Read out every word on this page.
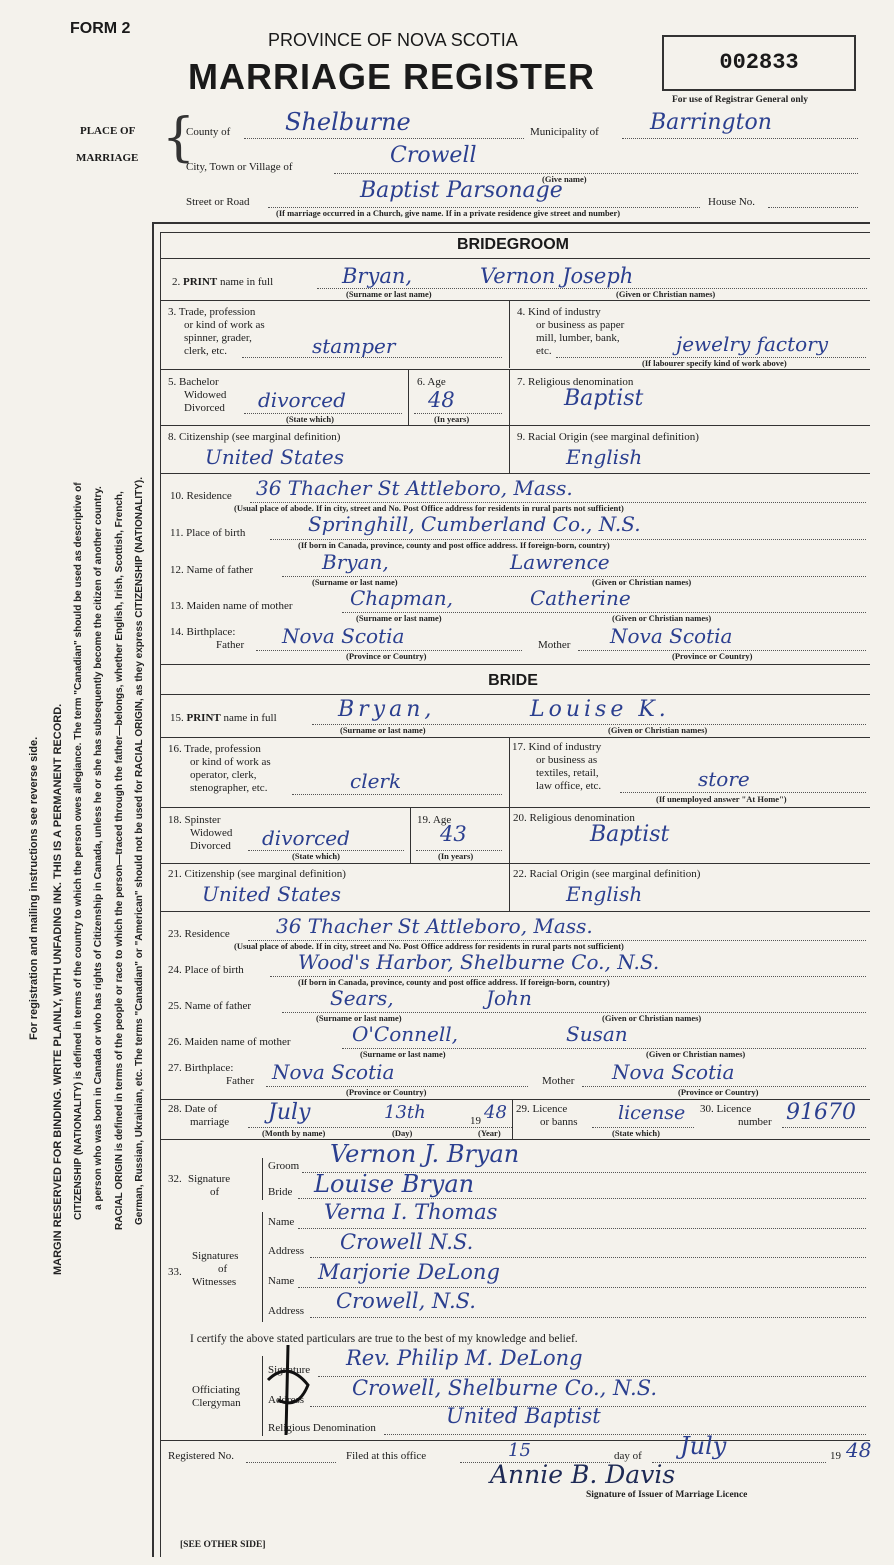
FORM 2
PROVINCE OF NOVA SCOTIA
MARRIAGE REGISTER	002833
For use of Registrar General only
For registration and mailing instructions see reverse side. MARGIN RESERVED FOR BINDING. WRITE PLAINLY, WITH UNFADING INK. THIS IS A PERMANENT RECORD. CITIZENSHIP (NATIONALITY) is defined in terms of the country to which the person owes allegiance. The term "Canadian" should be used as descriptive of a person who was born in Canada or who has rights of Citizenship in Canada, unless he or she has subsequently become the citizen of another country. RACIAL ORIGIN is defined in terms of the people or race to which the person—traced through the father—belongs, whether English, Irish, Scottish, French, German, Russian, Ukrainian, etc. The terms "Canadian" or "American" should not be used for RACIAL ORIGIN, as they express CITIZENSHIP (NATIONALITY).
PLACE OF
MARRIAGE {
County of Shelburne	Municipality of Barrington
City, Town or Village of	Crowell
(Give name)
Street or Road	Baptist Parsonage	House No.
(If marriage occurred in a Church, give name. If in a private residence give street and number)
BRIDEGROOM
2. PRINT name in full	Bryan,	Vernon Joseph
(Surname or last name)	(Given or Christian names)
3. Trade, profession
or kind of work as
spinner, grader,
clerk, etc.	stamper
4. Kind of industry
or business as paper
mill, lumber, bank,
etc.	jewelry factory
(If labourer specify kind of work above)
5. Bachelor
Widowed
Divorced divorced
(State which)
6. Age
48
(In years)
7. Religious denomination
Baptist
8. Citizenship (see marginal definition)
United States
9. Racial Origin (see marginal definition)
English
10. Residence 36 Thacher St Attleboro, Mass.
(Usual place of abode. If in city, street and No. Post Office address for residents in rural parts not sufficient)
11. Place of birth	Springhill, Cumberland Co., N.S.
(If born in Canada, province, county and post office address. If foreign-born, country)
12. Name of father	Bryan,	Lawrence
(Surname or last name)	(Given or Christian names)
13. Maiden name of mother	Chapman,	Catherine
(Surname or last name)	(Given or Christian names)
14. Birthplace:
Father Nova Scotia	Mother Nova Scotia
(Province or Country)	(Province or Country)
BRIDE
15. PRINT name in full	Bryan,	Louise K.
(Surname or last name)	(Given or Christian names)
16. Trade, profession
or kind of work as
operator, clerk,
stenographer, etc.	clerk
17. Kind of industry
or business as
textiles, retail,
law office, etc.	store
(If unemployed answer "At Home")
18. Spinster
Widowed
Divorced divorced
(State which)
19. Age
43
(In years)
20. Religious denomination
Baptist
21. Citizenship (see marginal definition)
United States
22. Racial Origin (see marginal definition)
English
23. Residence 36 Thacher St Attleboro, Mass.
(Usual place of abode. If in city, street and No. Post Office address for residents in rural parts not sufficient)
24. Place of birth	Wood's Harbor, Shelburne Co., N.S.
(If born in Canada, province, county and post office address. If foreign-born, country)
25. Name of father	Sears,	John
(Surname or last name)	(Given or Christian names)
26. Maiden name of mother	O'Connell,	Susan
(Surname or last name)	(Given or Christian names)
27. Birthplace:
Father Nova Scotia	Mother Nova Scotia
(Province or Country)	(Province or Country)
28. Date of
marriage July	13th	19 48
(Month by name)	(Day)	(Year)
29. Licence
or banns license
(State which)
30. Licence
number 91670
32. Signature
of
Groom Vernon J. Bryan
Bride Louise Bryan
33.
Signatures
of
Witnesses
Name Verna I. Thomas
Address Crowell N.S.
Name Marjorie DeLong
Address Crowell, N.S.
I certify the above stated particulars are true to the best of my knowledge and belief.
Officiating
Clergyman
Signature Rev. Philip M. DeLong
Address Crowell, Shelburne Co., N.S.
Religious Denomination	United Baptist
Registered No.	Filed at this office	15	day of July	19 48
Annie B. Davis
Signature of Issuer of Marriage Licence
[SEE OTHER SIDE]
